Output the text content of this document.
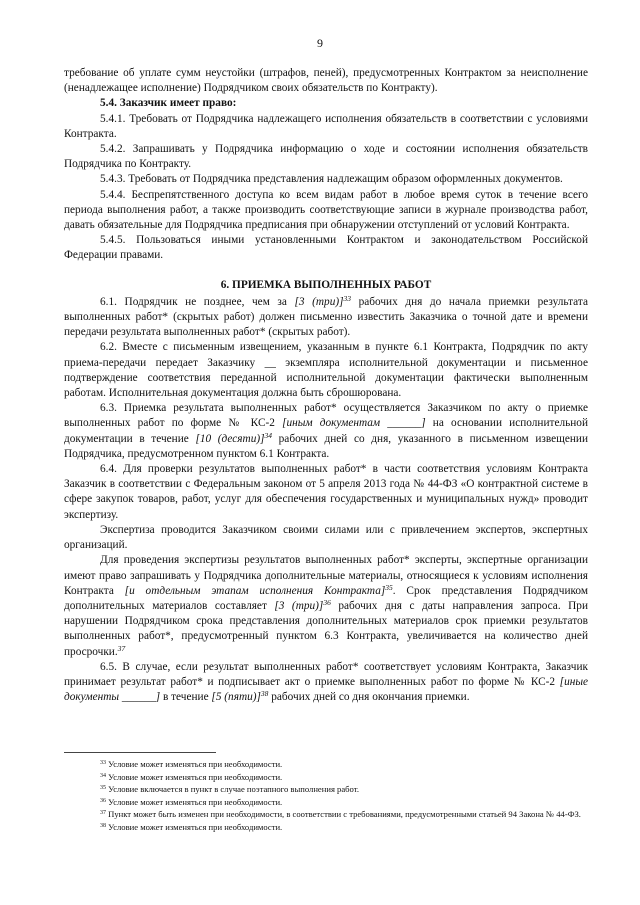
9

требование об уплате сумм неустойки (штрафов, пеней), предусмотренных Контрактом за неисполнение (ненадлежащее исполнение) Подрядчиком своих обязательств по Контракту).

5.4. Заказчик имеет право:

5.4.1. Требовать от Подрядчика надлежащего исполнения обязательств в соответствии с условиями Контракта.

5.4.2. Запрашивать у Подрядчика информацию о ходе и состоянии исполнения обязательств Подрядчика по Контракту.

5.4.3. Требовать от Подрядчика представления надлежащим образом оформленных документов.

5.4.4. Беспрепятственного доступа ко всем видам работ в любое время суток в течение всего периода выполнения работ, а также производить соответствующие записи в журнале производства работ, давать обязательные для Подрядчика предписания при обнаружении отступлений от условий Контракта.

5.4.5. Пользоваться иными установленными Контрактом и законодательством Российской Федерации правами.

6. ПРИЕМКА ВЫПОЛНЕННЫХ РАБОТ

6.1. Подрядчик не позднее, чем за [3 (три)]$^{33}$ рабочих дня до начала приемки результата выполненных работ* (скрытых работ) должен письменно известить Заказчика о точной дате и времени передачи результата выполненных работ* (скрытых работ).

6.2. Вместе с письменным извещением, указанным в пункте 6.1 Контракта, Подрядчик по акту приема-передачи передает Заказчику __ экземпляра исполнительной документации и письменное подтверждение соответствия переданной исполнительной документации фактически выполненным работам. Исполнительная документация должна быть сброшюрована.

6.3. Приемка результата выполненных работ* осуществляется Заказчиком по акту о приемке выполненных работ по форме № КС-2 [иным документам ______] на основании исполнительной документации в течение [10 (десяти)]$^{34}$ рабочих дней со дня, указанного в письменном извещении Подрядчика, предусмотренном пунктом 6.1 Контракта.

6.4. Для проверки результатов выполненных работ* в части соответствия условиям Контракта Заказчик в соответствии с Федеральным законом от 5 апреля 2013 года № 44-ФЗ «О контрактной системе в сфере закупок товаров, работ, услуг для обеспечения государственных и муниципальных нужд» проводит экспертизу.

Экспертиза проводится Заказчиком своими силами или с привлечением экспертов, экспертных организаций.

Для проведения экспертизы результатов выполненных работ* эксперты, экспертные организации имеют право запрашивать у Подрядчика дополнительные материалы, относящиеся к условиям исполнения Контракта [и отдельным этапам исполнения Контракта]$^{35}$. Срок представления Подрядчиком дополнительных материалов составляет [3 (три)]$^{36}$ рабочих дня с даты направления запроса. При нарушении Подрядчиком срока представления дополнительных материалов срок приемки результатов выполненных работ*, предусмотренный пунктом 6.3 Контракта, увеличивается на количество дней просрочки.$^{37}$

6.5. В случае, если результат выполненных работ* соответствует условиям Контракта, Заказчик принимает результат работ* и подписывает акт о приемке выполненных работ по форме № КС-2 [иные документы ______] в течение [5 (пяти)]$^{38}$ рабочих дней со дня окончания приемки.

$^{33}$ Условие может изменяться при необходимости.

$^{34}$ Условие может изменяться при необходимости.

$^{35}$ Условие включается в пункт в случае поэтапного выполнения работ.

$^{36}$ Условие может изменяться при необходимости.

$^{37}$ Пункт может быть изменен при необходимости, в соответствии с требованиями, предусмотренными статьей 94 Закона № 44-ФЗ.

$^{38}$ Условие может изменяться при необходимости.
